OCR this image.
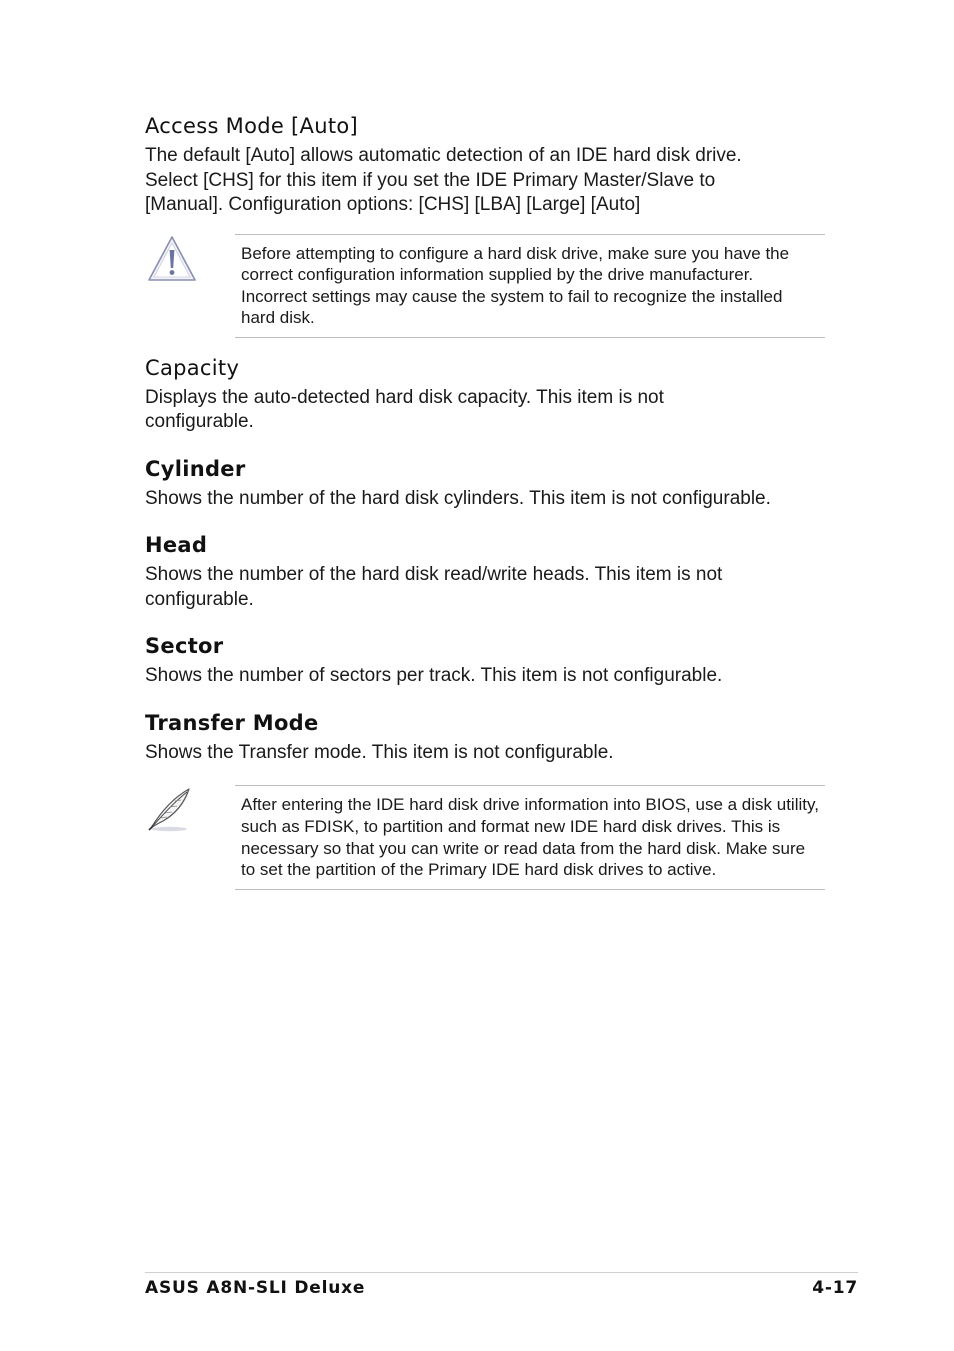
Access Mode [Auto]

The default [Auto] allows automatic detection of an IDE hard disk drive. Select [CHS] for this item if you set the IDE Primary Master/Slave to [Manual]. Configuration options: [CHS] [LBA] [Large] [Auto]

Before attempting to configure a hard disk drive, make sure you have the correct configuration information supplied by the drive manufacturer. Incorrect settings may cause the system to fail to recognize the installed hard disk.
Capacity

Displays the auto-detected hard disk capacity. This item is not configurable.

Cylinder

Shows the number of the hard disk cylinders. This item is not configurable.

Head

Shows the number of the hard disk read/write heads. This item is not configurable.

Sector

Shows the number of sectors per track. This item is not configurable.

Transfer Mode

Shows the Transfer mode. This item is not configurable.

After entering the IDE hard disk drive information into BIOS, use a disk utility, such as FDISK, to partition and format new IDE hard disk drives. This is necessary so that you can write or read data from the hard disk. Make sure to set the partition of the Primary IDE hard disk drives to active.
ASUS A8N-SLI Deluxe	4-17
